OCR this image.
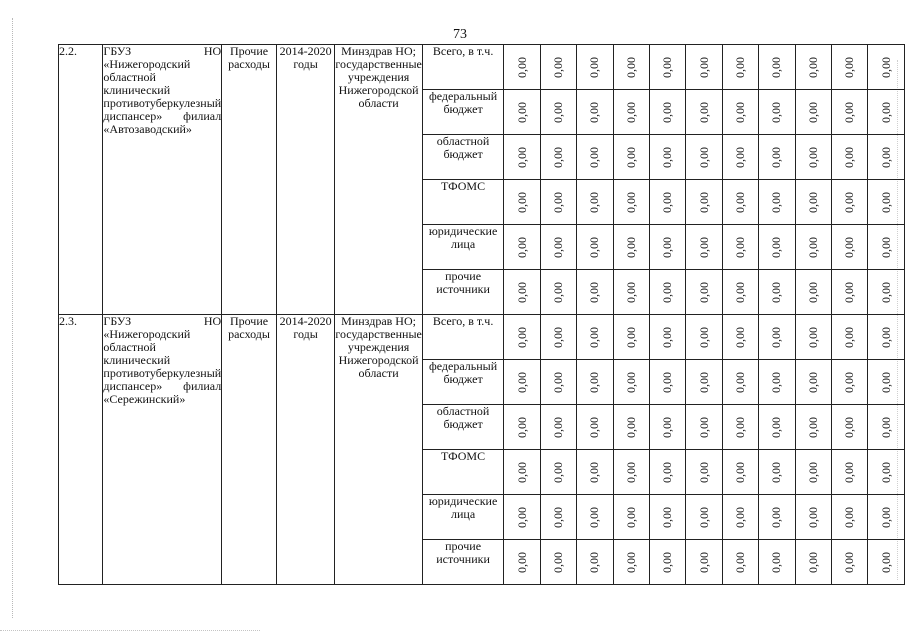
73
2.2.	ГБУЗ НО «Нижегородский областной клинический противотуберкулезный диспансер» филиал «Автозаводский»	Прочие расходы	2014-2020 годы	Минздрав НО; государственные учреждения Нижегородской области	Всего, в т.ч.	0,00	0,00	0,00	0,00	0,00	0,00	0,00	0,00	0,00	0,00	0,00

					федеральный бюджет	0,00	0,00	0,00	0,00	0,00	0,00	0,00	0,00	0,00	0,00	0,00

					областной бюджет	0,00	0,00	0,00	0,00	0,00	0,00	0,00	0,00	0,00	0,00	0,00

					ТФОМС	0,00	0,00	0,00	0,00	0,00	0,00	0,00	0,00	0,00	0,00	0,00

					юридические лица	0,00	0,00	0,00	0,00	0,00	0,00	0,00	0,00	0,00	0,00	0,00

					прочие источники	0,00	0,00	0,00	0,00	0,00	0,00	0,00	0,00	0,00	0,00	0,00

2.3.	ГБУЗ НО «Нижегородский областной клинический противотуберкулезный диспансер» филиал «Сережинский»	Прочие расходы	2014-2020 годы	Минздрав НО; государственные учреждения Нижегородской области	Всего, в т.ч.	0,00	0,00	0,00	0,00	0,00	0,00	0,00	0,00	0,00	0,00	0,00

					федеральный бюджет	0,00	0,00	0,00	0,00	0,00	0,00	0,00	0,00	0,00	0,00	0,00

					областной бюджет	0,00	0,00	0,00	0,00	0,00	0,00	0,00	0,00	0,00	0,00	0,00

					ТФОМС	0,00	0,00	0,00	0,00	0,00	0,00	0,00	0,00	0,00	0,00	0,00

					юридические лица	0,00	0,00	0,00	0,00	0,00	0,00	0,00	0,00	0,00	0,00	0,00

					прочие источники	0,00	0,00	0,00	0,00	0,00	0,00	0,00	0,00	0,00	0,00	0,00
